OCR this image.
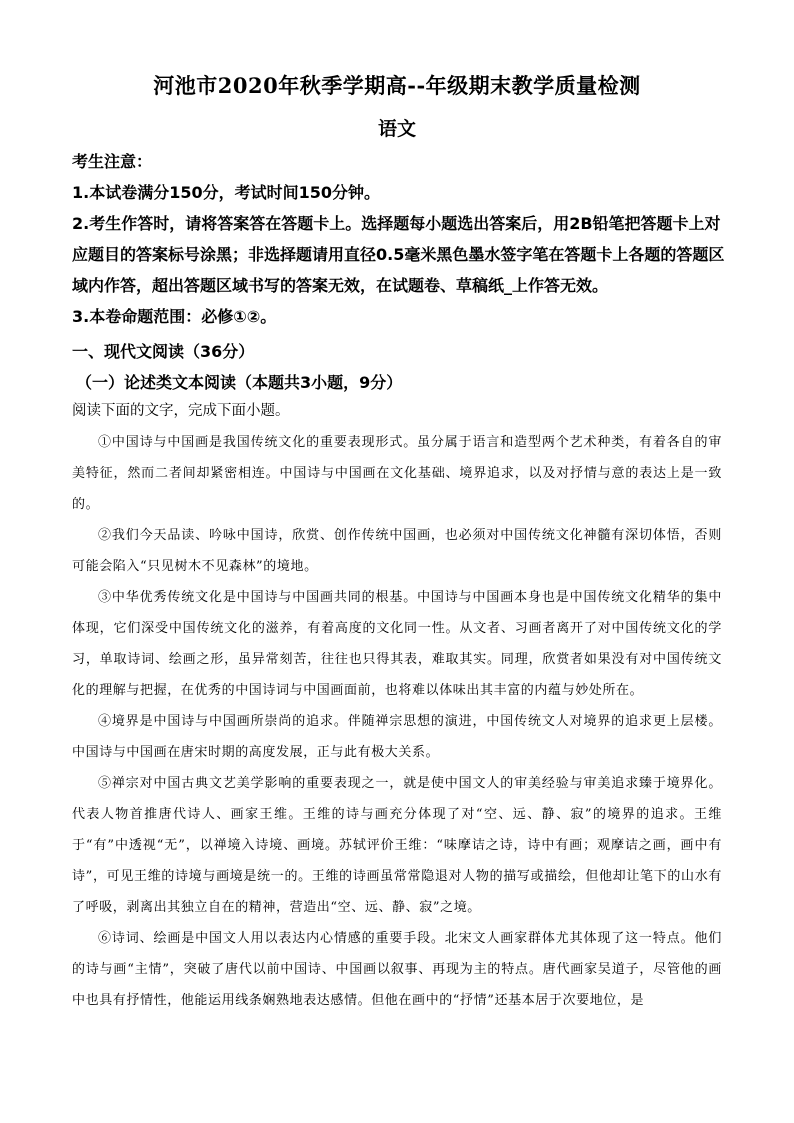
河池市2020年秋季学期高--年级期末教学质量检测
语文

考生注意：

1.本试卷满分150分，考试时间150分钟。

2.考生作答时，请将答案答在答题卡上。选择题每小题选出答案后，用2B铅笔把答题卡上对应题目的答案标号涂黑；非选择题请用直径0.5毫米黑色墨水签字笔在答题卡上各题的答题区域内作答，超出答题区域书写的答案无效，在试题卷、草稿纸_上作答无效。

3.本卷命题范围：必修①②。

一、现代文阅读（36分）
（一）论述类文本阅读（本题共3小题，9分）
阅读下面的文字，完成下面小题。

①中国诗与中国画是我国传统文化的重要表现形式。虽分属于语言和造型两个艺术种类，有着各自的审美特征，然而二者间却紧密相连。中国诗与中国画在文化基础、境界追求，以及对抒情与意的表达上是一致的。

②我们今天品读、吟咏中国诗，欣赏、创作传统中国画，也必须对中国传统文化神髓有深切体悟，否则可能会陷入“只见树木不见森林”的境地。

③中华优秀传统文化是中国诗与中国画共同的根基。中国诗与中国画本身也是中国传统文化精华的集中体现，它们深受中国传统文化的滋养，有着高度的文化同一性。从文者、习画者离开了对中国传统文化的学习，单取诗词、绘画之形，虽异常刻苦，往往也只得其表，难取其实。同理，欣赏者如果没有对中国传统文化的理解与把握，在优秀的中国诗词与中国画面前，也将难以体味出其丰富的内蕴与妙处所在。

④境界是中国诗与中国画所崇尚的追求。伴随禅宗思想的演进，中国传统文人对境界的追求更上层楼。中国诗与中国画在唐宋时期的高度发展，正与此有极大关系。

⑤禅宗对中国古典文艺美学影响的重要表现之一，就是使中国文人的审美经验与审美追求臻于境界化。代表人物首推唐代诗人、画家王维。王维的诗与画充分体现了对“空、远、静、寂”的境界的追求。王维于“有”中透视“无”，以禅境入诗境、画境。苏轼评价王维：“味摩诘之诗，诗中有画；观摩诘之画，画中有诗”，可见王维的诗境与画境是统一的。王维的诗画虽常常隐退对人物的描写或描绘，但他却让笔下的山水有了呼吸，剥离出其独立自在的精神，营造出“空、远、静、寂”之境。

⑥诗词、绘画是中国文人用以表达内心情感的重要手段。北宋文人画家群体尤其体现了这一特点。他们的诗与画“主情”，突破了唐代以前中国诗、中国画以叙事、再现为主的特点。唐代画家吴道子，尽管他的画中也具有抒情性，他能运用线条娴熟地表达感情。但他在画中的“抒情”还基本居于次要地位，是
